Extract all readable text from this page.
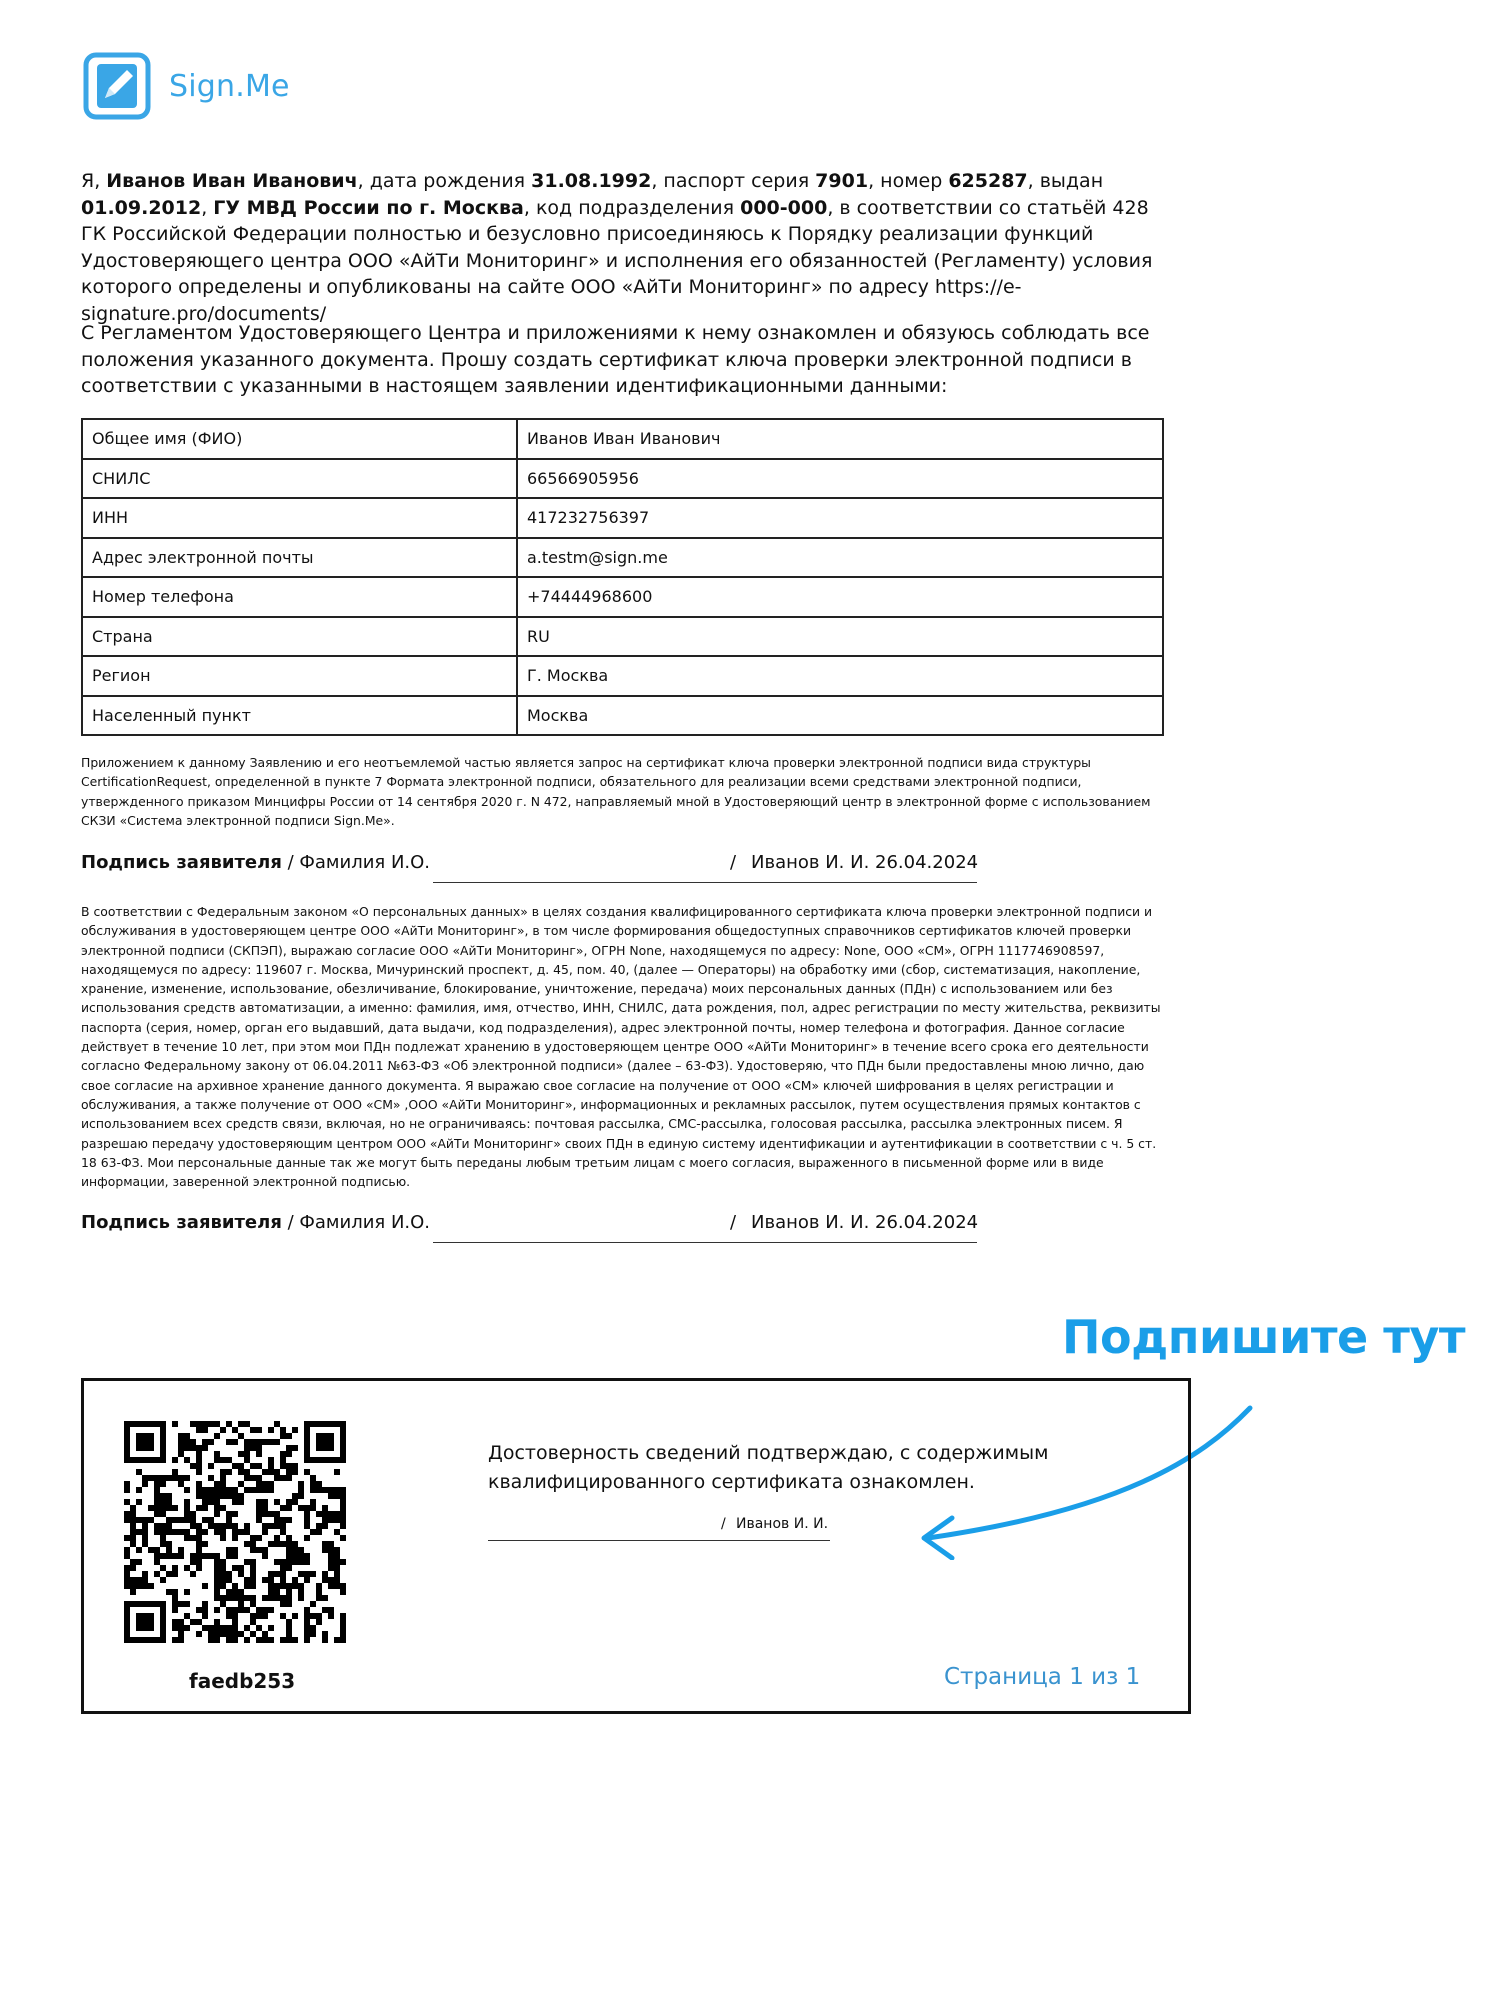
Sign.Me
Я, Иванов Иван Иванович, дата рождения 31.08.1992, паспорт серия 7901, номер 625287, выдан 01.09.2012, ГУ МВД России по г. Москва, код подразделения 000-000, в соответствии со статьёй 428 ГК Российской Федерации полностью и безусловно присоединяюсь к Порядку реализации функций Удостоверяющего центра ООО «АйТи Мониторинг» и исполнения его обязанностей (Регламенту) условия которого определены и опубликованы на сайте ООО «АйТи Мониторинг» по адресу https://e-signature.pro/documents/
С Регламентом Удостоверяющего Центра и приложениями к нему ознакомлен и обязуюсь соблюдать все положения указанного документа. Прошу создать сертификат ключа проверки электронной подписи в соответствии с указанными в настоящем заявлении идентификационными данными:
Общее имя (ФИО)	Иванов Иван Иванович
СНИЛС	66566905956
ИНН	417232756397
Адрес электронной почты	a.testm@sign.me
Номер телефона	+74444968600
Страна	RU
Регион	Г. Москва
Населенный пункт	Москва
Приложением к данному Заявлению и его неотъемлемой частью является запрос на сертификат ключа проверки электронной подписи вида структуры CertificationRequest, определенной в пункте 7 Формата электронной подписи, обязательного для реализации всеми средствами электронной подписи, утвержденного приказом Минцифры России от 14 сентября 2020 г. N 472, направляемый мной в Удостоверяющий центр в электронной форме с использованием СКЗИ «Система электронной подписи Sign.Me».
Подпись заявителя / Фамилия И.О.	/ Иванов И. И. 26.04.2024
В соответствии с Федеральным законом «О персональных данных» в целях создания квалифицированного сертификата ключа проверки электронной подписи и обслуживания в удостоверяющем центре ООО «АйТи Мониторинг», в том числе формирования общедоступных справочников сертификатов ключей проверки электронной подписи (СКПЭП), выражаю согласие ООО «АйТи Мониторинг», ОГРН None, находящемуся по адресу: None, ООО «СМ», ОГРН 1117746908597, находящемуся по адресу: 119607 г. Москва, Мичуринский проспект, д. 45, пом. 40, (далее — Операторы) на обработку ими (сбор, систематизация, накопление, хранение, изменение, использование, обезличивание, блокирование, уничтожение, передача) моих персональных данных (ПДн) с использованием или без использования средств автоматизации, а именно: фамилия, имя, отчество, ИНН, СНИЛС, дата рождения, пол, адрес регистрации по месту жительства, реквизиты паспорта (серия, номер, орган его выдавший, дата выдачи, код подразделения), адрес электронной почты, номер телефона и фотография. Данное согласие действует в течение 10 лет, при этом мои ПДн подлежат хранению в удостоверяющем центре ООО «АйТи Мониторинг» в течение всего срока его деятельности согласно Федеральному закону от 06.04.2011 №63-ФЗ «Об электронной подписи» (далее – 63-ФЗ). Удостоверяю, что ПДн были предоставлены мною лично, даю свое согласие на архивное хранение данного документа. Я выражаю свое согласие на получение от ООО «СМ» ключей шифрования в целях регистрации и обслуживания, а также получение от ООО «СМ» ,ООО «АйТи Мониторинг», информационных и рекламных рассылок, путем осуществления прямых контактов с использованием всех средств связи, включая, но не ограничиваясь: почтовая рассылка, СМС-рассылка, голосовая рассылка, рассылка электронных писем. Я разрешаю передачу удостоверяющим центром ООО «АйТи Мониторинг» своих ПДн в единую систему идентификации и аутентификации в соответствии с ч. 5 ст. 18 63-ФЗ. Мои персональные данные так же могут быть переданы любым третьим лицам с моего согласия, выраженного в письменной форме или в виде информации, заверенной электронной подписью.
Подпись заявителя / Фамилия И.О.	/ Иванов И. И. 26.04.2024
Подпишите тут
faedb253
Достоверность сведений подтверждаю, с содержимым квалифицированного сертификата ознакомлен.
/ Иванов И. И.
Страница 1 из 1
